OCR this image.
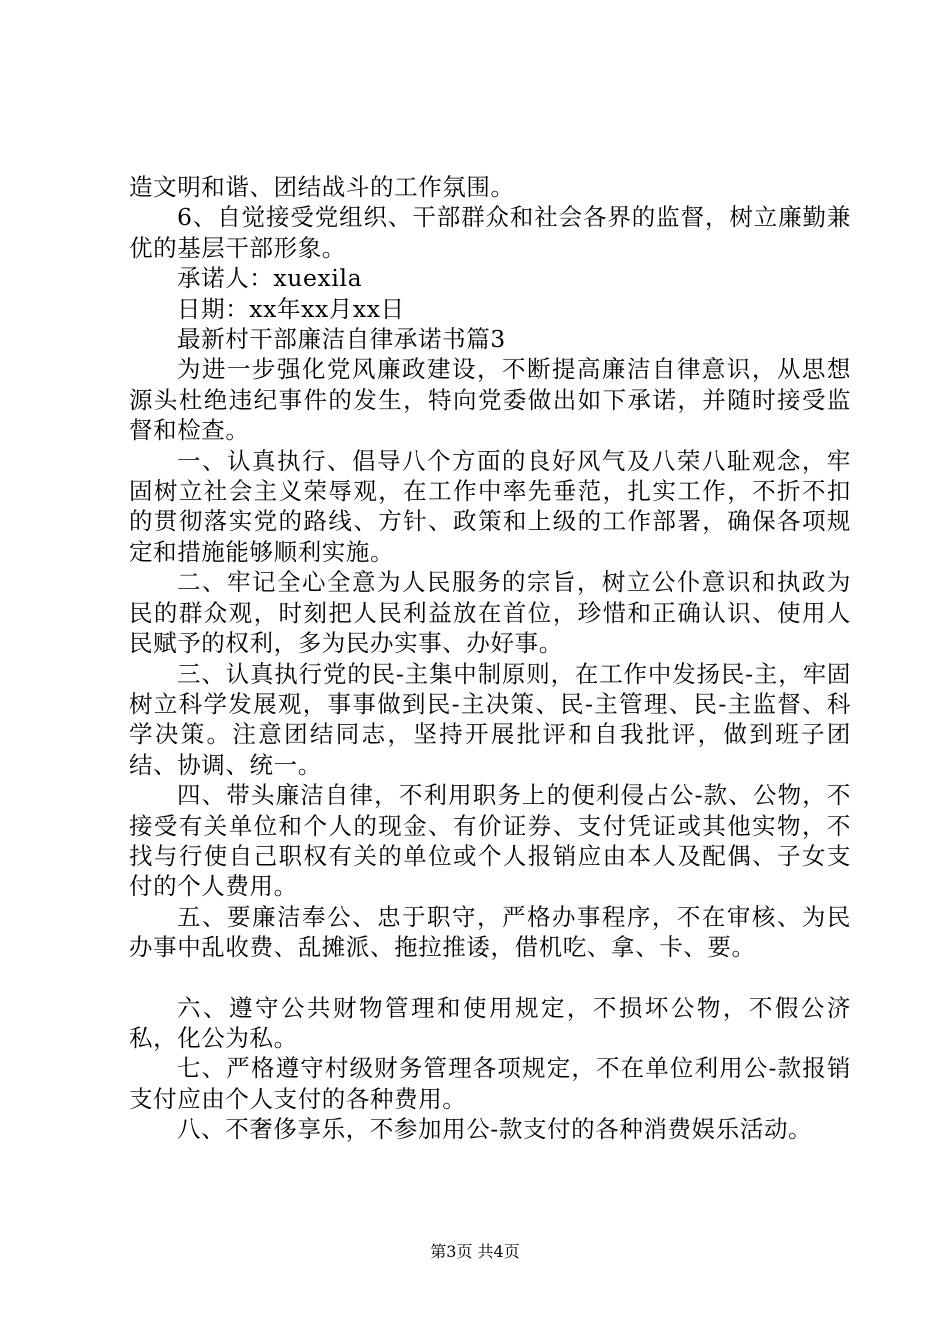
造文明和谐、团结战斗的工作氛围。

6、自觉接受党组织、干部群众和社会各界的监督，树立廉勤兼优的基层干部形象。

承诺人：xuexila

日期：xx年xx月xx日

最新村干部廉洁自律承诺书篇3

为进一步强化党风廉政建设，不断提高廉洁自律意识，从思想源头杜绝违纪事件的发生，特向党委做出如下承诺，并随时接受监督和检查。

一、认真执行、倡导八个方面的良好风气及八荣八耻观念，牢固树立社会主义荣辱观，在工作中率先垂范，扎实工作，不折不扣的贯彻落实党的路线、方针、政策和上级的工作部署，确保各项规定和措施能够顺利实施。

二、牢记全心全意为人民服务的宗旨，树立公仆意识和执政为民的群众观，时刻把人民利益放在首位，珍惜和正确认识、使用人民赋予的权利，多为民办实事、办好事。

三、认真执行党的民-主集中制原则，在工作中发扬民-主，牢固树立科学发展观，事事做到民-主决策、民-主管理、民-主监督、科学决策。注意团结同志，坚持开展批评和自我批评，做到班子团结、协调、统一。

四、带头廉洁自律，不利用职务上的便利侵占公-款、公物，不接受有关单位和个人的现金、有价证券、支付凭证或其他实物，不找与行使自己职权有关的单位或个人报销应由本人及配偶、子女支付的个人费用。

五、要廉洁奉公、忠于职守，严格办事程序，不在审核、为民办事中乱收费、乱摊派、拖拉推诿，借机吃、拿、卡、要。

六、遵守公共财物管理和使用规定，不损坏公物，不假公济私，化公为私。

七、严格遵守村级财务管理各项规定，不在单位利用公-款报销支付应由个人支付的各种费用。

八、不奢侈享乐，不参加用公-款支付的各种消费娱乐活动。

第3页 共4页
